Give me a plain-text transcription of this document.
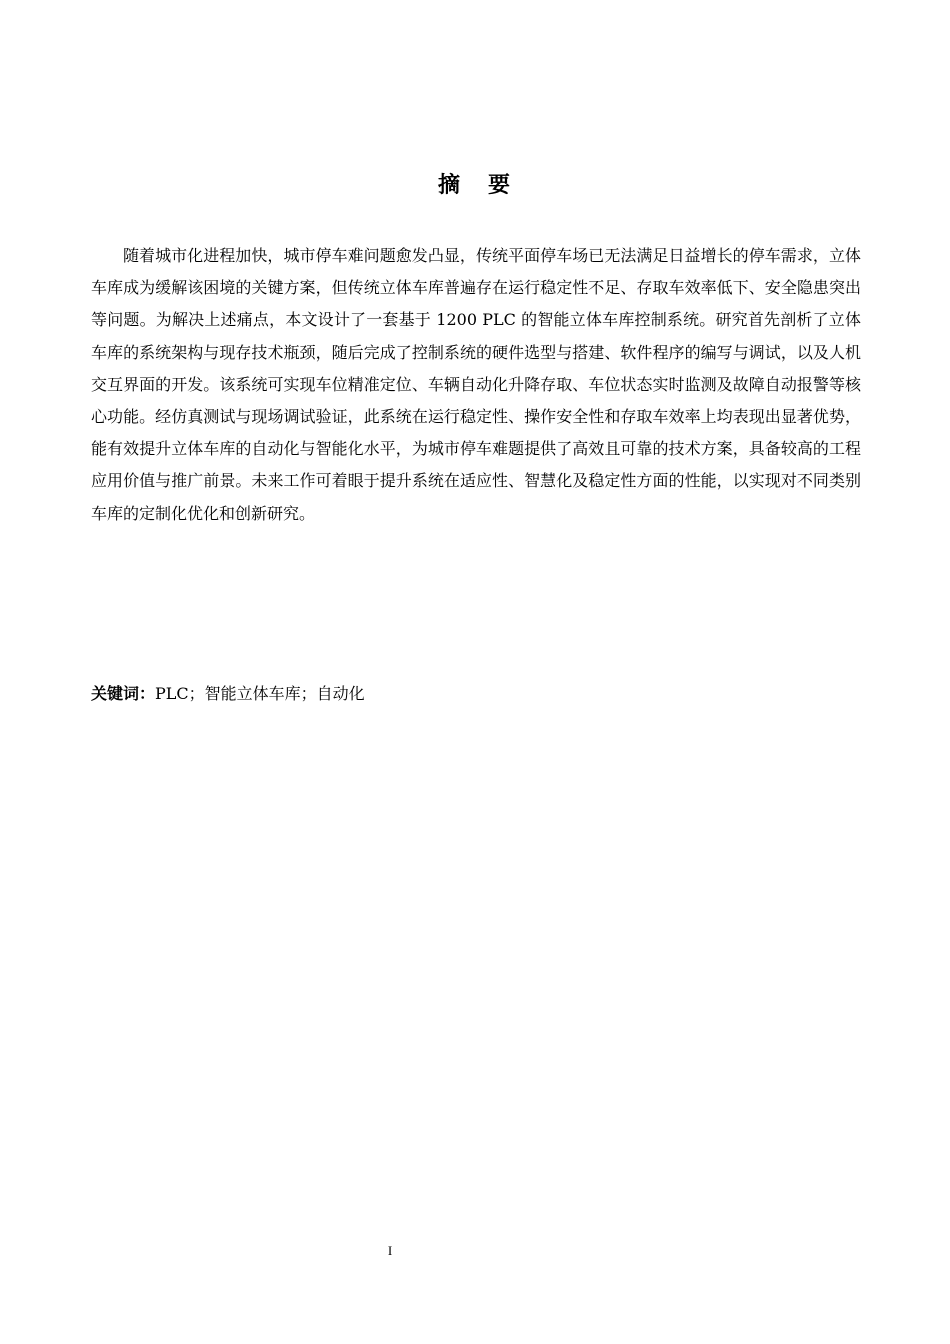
摘 要

随着城市化进程加快，城市停车难问题愈发凸显，传统平面停车场已无法满足日益增长的停车需求，立体车库成为缓解该困境的关键方案，但传统立体车库普遍存在运行稳定性不足、存取车效率低下、安全隐患突出等问题。为解决上述痛点，本文设计了一套基于 1200 PLC 的智能立体车库控制系统。研究首先剖析了立体车库的系统架构与现存技术瓶颈，随后完成了控制系统的硬件选型与搭建、软件程序的编写与调试，以及人机交互界面的开发。该系统可实现车位精准定位、车辆自动化升降存取、车位状态实时监测及故障自动报警等核心功能。经仿真测试与现场调试验证，此系统在运行稳定性、操作安全性和存取车效率上均表现出显著优势，能有效提升立体车库的自动化与智能化水平，为城市停车难题提供了高效且可靠的技术方案，具备较高的工程应用价值与推广前景。未来工作可着眼于提升系统在适应性、智慧化及稳定性方面的性能，以实现对不同类别车库的定制化优化和创新研究。

关键词：PLC；智能立体车库；自动化
I
